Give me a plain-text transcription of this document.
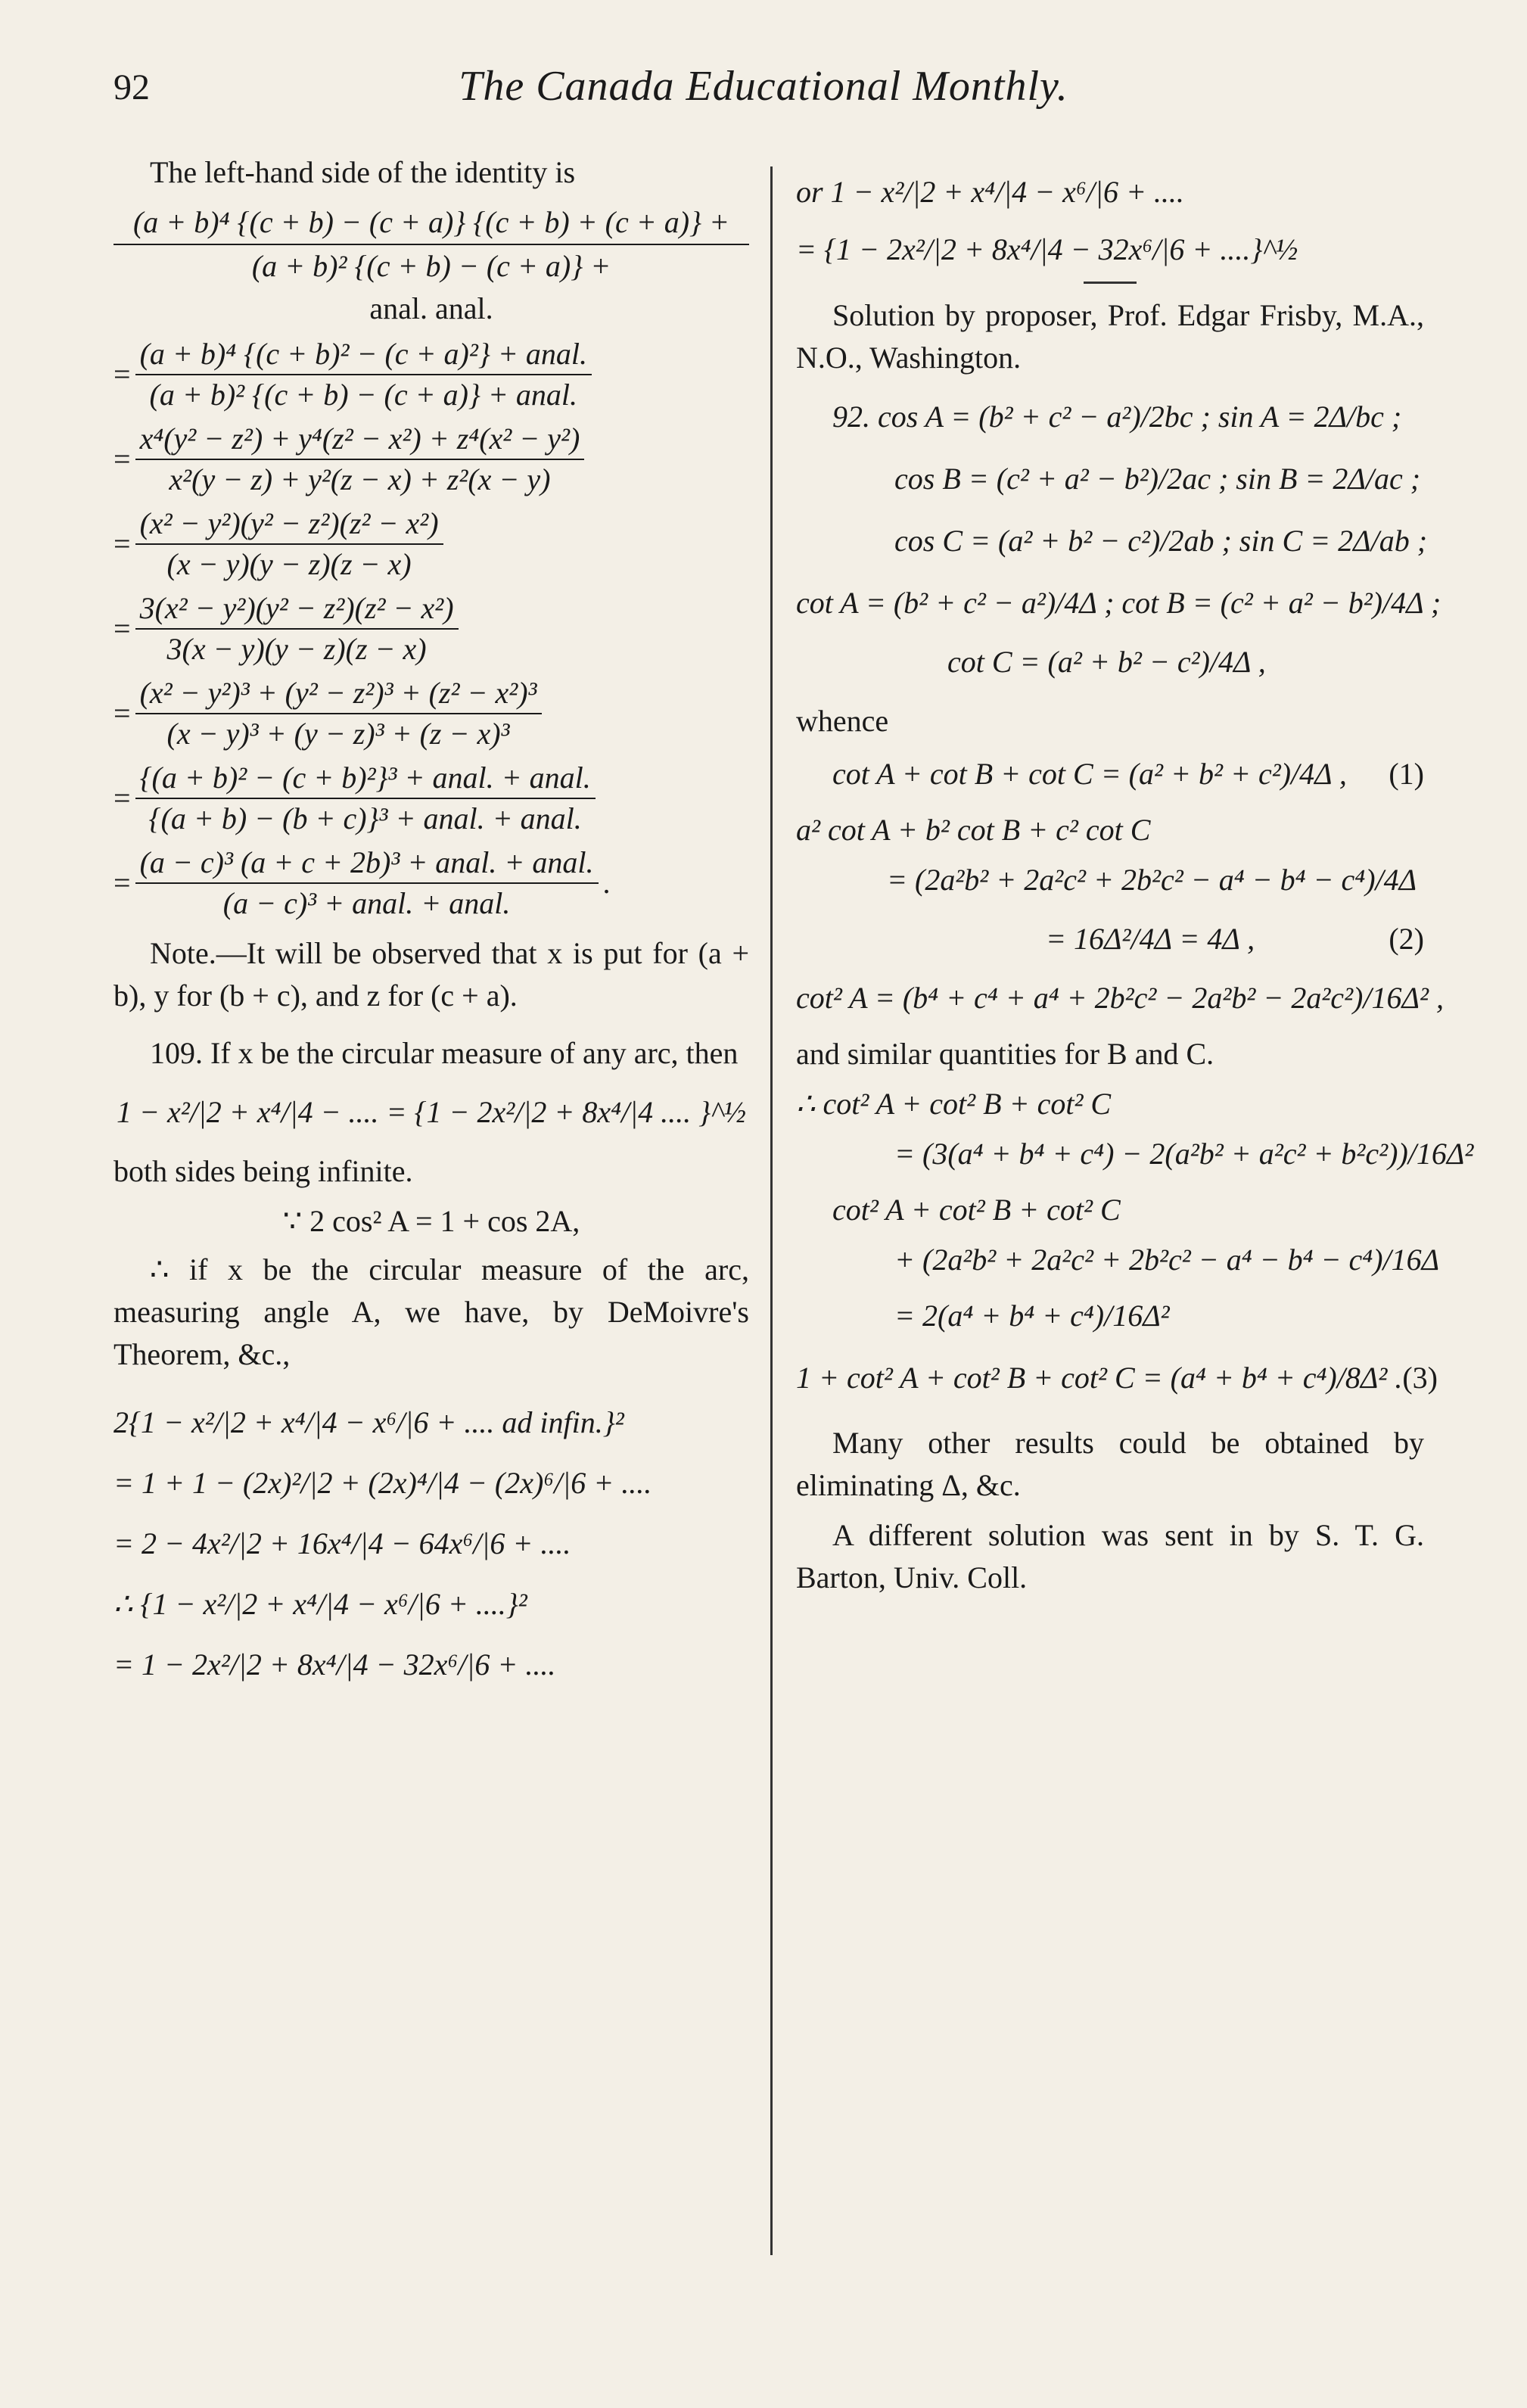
92	The Canada Educational Monthly.

The left-hand side of the identity is

(a + b)⁴ {(c + b) − (c + a)} {(c + b) + (c + a)} +
(a + b)² {(c + b) − (c + a)} +
anal. anal.
= $\frac{\text{(a + b)⁴ \{(c + b)² − (c + a)²\} + anal.}}{\text{(a + b)² \{(c + b) − (c + a)\} + anal.}}$
= $\frac{\text{x⁴(y² − z²) + y⁴(z² − x²) + z⁴(x² − y²)}}{\text{x²(y − z) + y²(z − x) + z²(x − y)}}$
= $\frac{\text{(x² − y²)(y² − z²)(z² − x²)}}{(x - y)(y - z)(z - x)}$
= $\frac{\text{3(x² − y²)(y² − z²)(z² − x²)}}{3(x - y)(y - z)(z - x)}$
= $\frac{\text{(x² − y²)³ + (y² − z²)³ + (z² − x²)³}}{\text{(x − y)³ + (y − z)³ + (z − x)³}}$
= $\frac{\text{\{(a + b)² − (c + b)²\}³ + anal. + anal.}}{\text{\{(a + b) − (b + c)\}³ + anal. + anal.}}$
= $\frac{\text{(a − c)³ (a + c + 2b)³ + anal. + anal.}}{\text{(a − c)³ + anal. + anal.}}$ .

Note.—It will be observed that x is put for (a + b), y for (b + c), and z for (c + a).

109. If x be the circular measure of any arc, then

1 − x²/|2 + x⁴/|4 − .... = {1 − 2x²/|2 + 8x⁴/|4 .... }^½

both sides being infinite.

∵ 2 cos² A = 1 + cos 2A,

∴ if x be the circular measure of the arc, measuring angle A, we have, by DeMoivre's Theorem, &c.,

2{1 − x²/|2 + x⁴/|4 − x⁶/|6 + .... ad infin.}²
= 1 + 1 − (2x)²/|2 + (2x)⁴/|4 − (2x)⁶/|6 + ....
= 2 − 4x²/|2 + 16x⁴/|4 − 64x⁶/|6 + ....
∴ {1 − x²/|2 + x⁴/|4 − x⁶/|6 + ....}²
= 1 − 2x²/|2 + 8x⁴/|4 − 32x⁶/|6 + ....
or 1 − x²/|2 + x⁴/|4 − x⁶/|6 + ....
= {1 − 2x²/|2 + 8x⁴/|4 − 32x⁶/|6 + ....}^½

Solution by proposer, Prof. Edgar Frisby, M.A., N.O., Washington.

92. cos A = (b² + c² − a²)/2bc ; sin A = 2Δ/bc ;
cos B = (c² + a² − b²)/2ac ; sin B = 2Δ/ac ;
cos C = (a² + b² − c²)/2ab ; sin C = 2Δ/ab ;
cot A = (b² + c² − a²)/4Δ ; cot B = (c² + a² − b²)/4Δ ;
cot C = (a² + b² − c²)/4Δ ,

whence

cot A + cot B + cot C = (a² + b² + c²)/4Δ , (1)
a² cot A + b² cot B + c² cot C
= (2a²b² + 2a²c² + 2b²c² − a⁴ − b⁴ − c⁴)/4Δ
= 16Δ²/4Δ = 4Δ ,	(2)
cot² A = (b⁴ + c⁴ + a⁴ + 2b²c² − 2a²b² − 2a²c²)/16Δ² ,

and similar quantities for B and C.

∴ cot² A + cot² B + cot² C
= (3(a⁴ + b⁴ + c⁴) − 2(a²b² + a²c² + b²c²))/16Δ²
cot² A + cot² B + cot² C
+ (2a²b² + 2a²c² + 2b²c² − a⁴ − b⁴ − c⁴)/16Δ
= 2(a⁴ + b⁴ + c⁴)/16Δ²
1 + cot² A + cot² B + cot² C = (a⁴ + b⁴ + c⁴)/8Δ² . (3)

Many other results could be obtained by eliminating Δ, &c.

A different solution was sent in by S. T. G. Barton, Univ. Coll.
